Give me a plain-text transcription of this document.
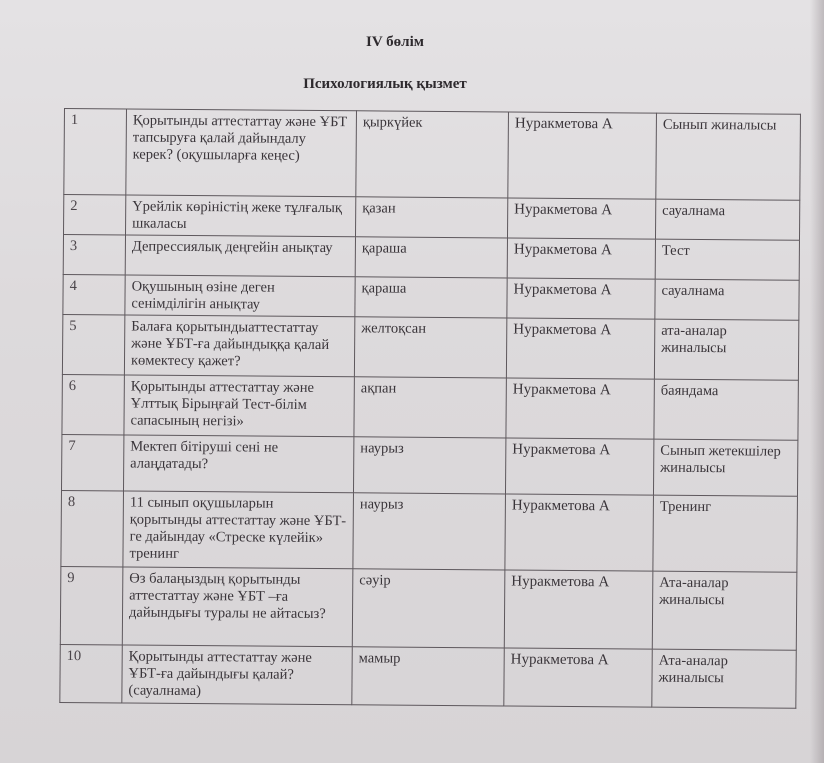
IV бөлім
Психологиялық қызмет
1	Қорытынды аттестаттау және ҰБТ тапсыруға қалай дайындалу керек? (оқушыларға кеңес)	қыркүйек	Нуракметова А	Сынып жиналысы
2	Үрейлік көріністің жеке тұлғалық шкаласы	қазан	Нуракметова А	сауалнама
3	Депрессиялық деңгейін анықтау	қараша	Нуракметова А	Тест
4	Оқушының өзіне деген сенімділігін анықтау	қараша	Нуракметова А	сауалнама
5	Балаға қорытындыаттестаттау және ҰБТ-ға дайындыққа қалай көмектесу қажет?	желтоқсан	Нуракметова А	ата-аналар жиналысы
6	Қорытынды аттестаттау және Ұлттық Бірыңғай Тест-білім сапасының негізі»	ақпан	Нуракметова А	баяндама
7	Мектеп бітіруші сені не алаңдатады?	наурыз	Нуракметова А	Сынып жетекшілер жиналысы
8	11 сынып оқушыларын қорытынды аттестаттау және ҰБТ-ге дайындау «Стреске күлейік» тренинг	наурыз	Нуракметова А	Тренинг
9	Өз балаңыздың қорытынды аттестаттау және ҰБТ –ға дайындығы туралы не айтасыз?	сәуір	Нуракметова А	Ата-аналар жиналысы
10	Қорытынды аттестаттау және ҰБТ-ға дайындығы қалай? (сауалнама)	мамыр	Нуракметова А	Ата-аналар жиналысы
